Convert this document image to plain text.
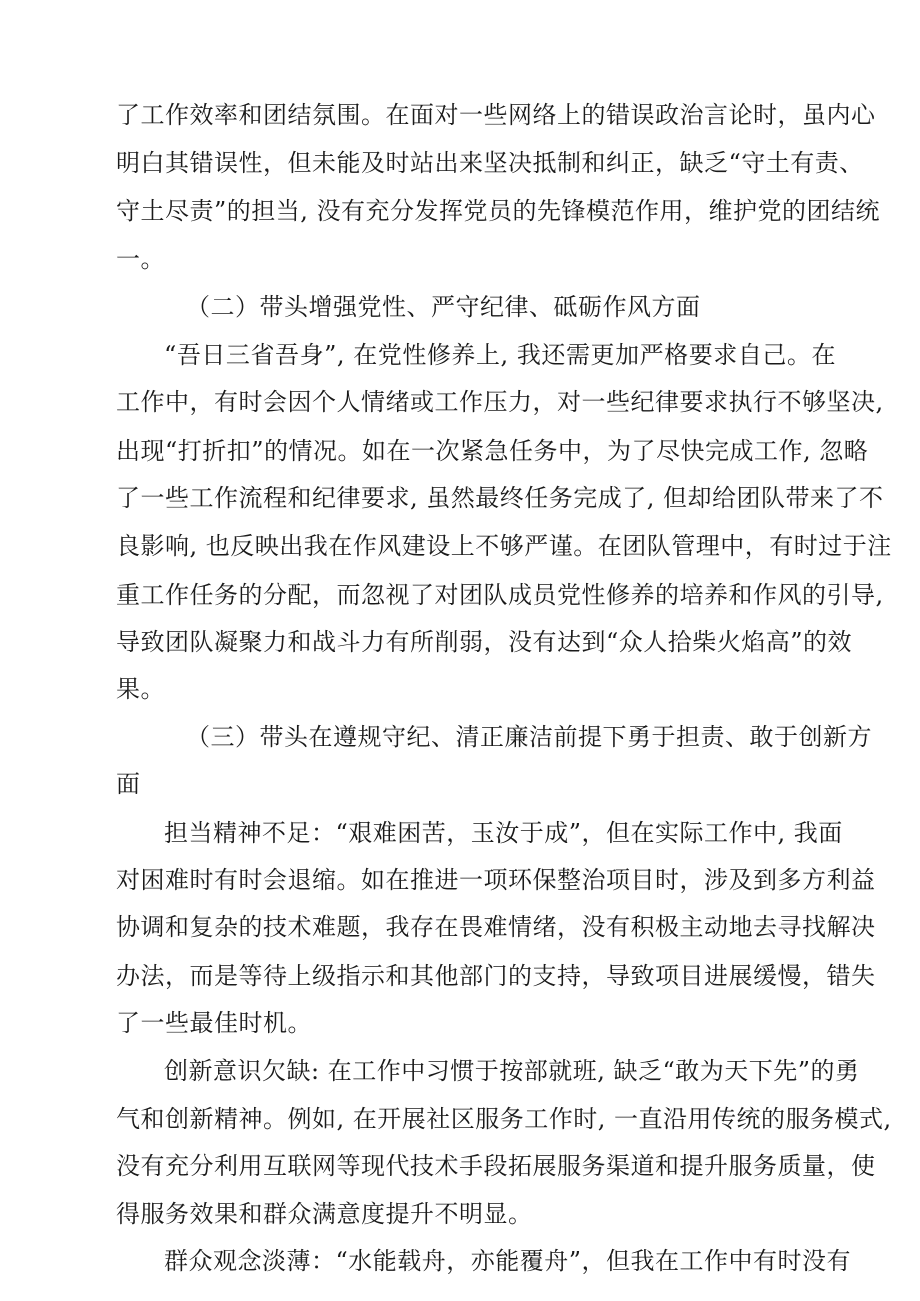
了工作效率和团结氛围。在面对一些网络上的错误政治言论时，虽内心
明白其错误性，但未能及时站出来坚决抵制和纠正，缺乏“守土有责、
守土尽责”的担当, 没有充分发挥党员的先锋模范作用，维护党的团结统
一。
（二）带头增强党性、严守纪律、砥砺作风方面
“吾日三省吾身”, 在党性修养上, 我还需更加严格要求自己。在
工作中，有时会因个人情绪或工作压力，对一些纪律要求执行不够坚决,
出现“打折扣”的情况。如在一次紧急任务中，为了尽快完成工作, 忽略
了一些工作流程和纪律要求, 虽然最终任务完成了, 但却给团队带来了不
良影响, 也反映出我在作风建设上不够严谨。在团队管理中，有时过于注
重工作任务的分配，而忽视了对团队成员党性修养的培养和作风的引导,
导致团队凝聚力和战斗力有所削弱，没有达到“众人拾柴火焰高”的效
果。
（三）带头在遵规守纪、清正廉洁前提下勇于担责、敢于创新方
面
担当精神不足：“艰难困苦，玉汝于成”，但在实际工作中, 我面
对困难时有时会退缩。如在推进一项环保整治项目时，涉及到多方利益
协调和复杂的技术难题，我存在畏难情绪，没有积极主动地去寻找解决
办法，而是等待上级指示和其他部门的支持，导致项目进展缓慢，错失
了一些最佳时机。
创新意识欠缺: 在工作中习惯于按部就班, 缺乏“敢为天下先”的勇
气和创新精神。例如, 在开展社区服务工作时, 一直沿用传统的服务模式,
没有充分利用互联网等现代技术手段拓展服务渠道和提升服务质量，使
得服务效果和群众满意度提升不明显。
群众观念淡薄：“水能载舟，亦能覆舟”，但我在工作中有时没有
